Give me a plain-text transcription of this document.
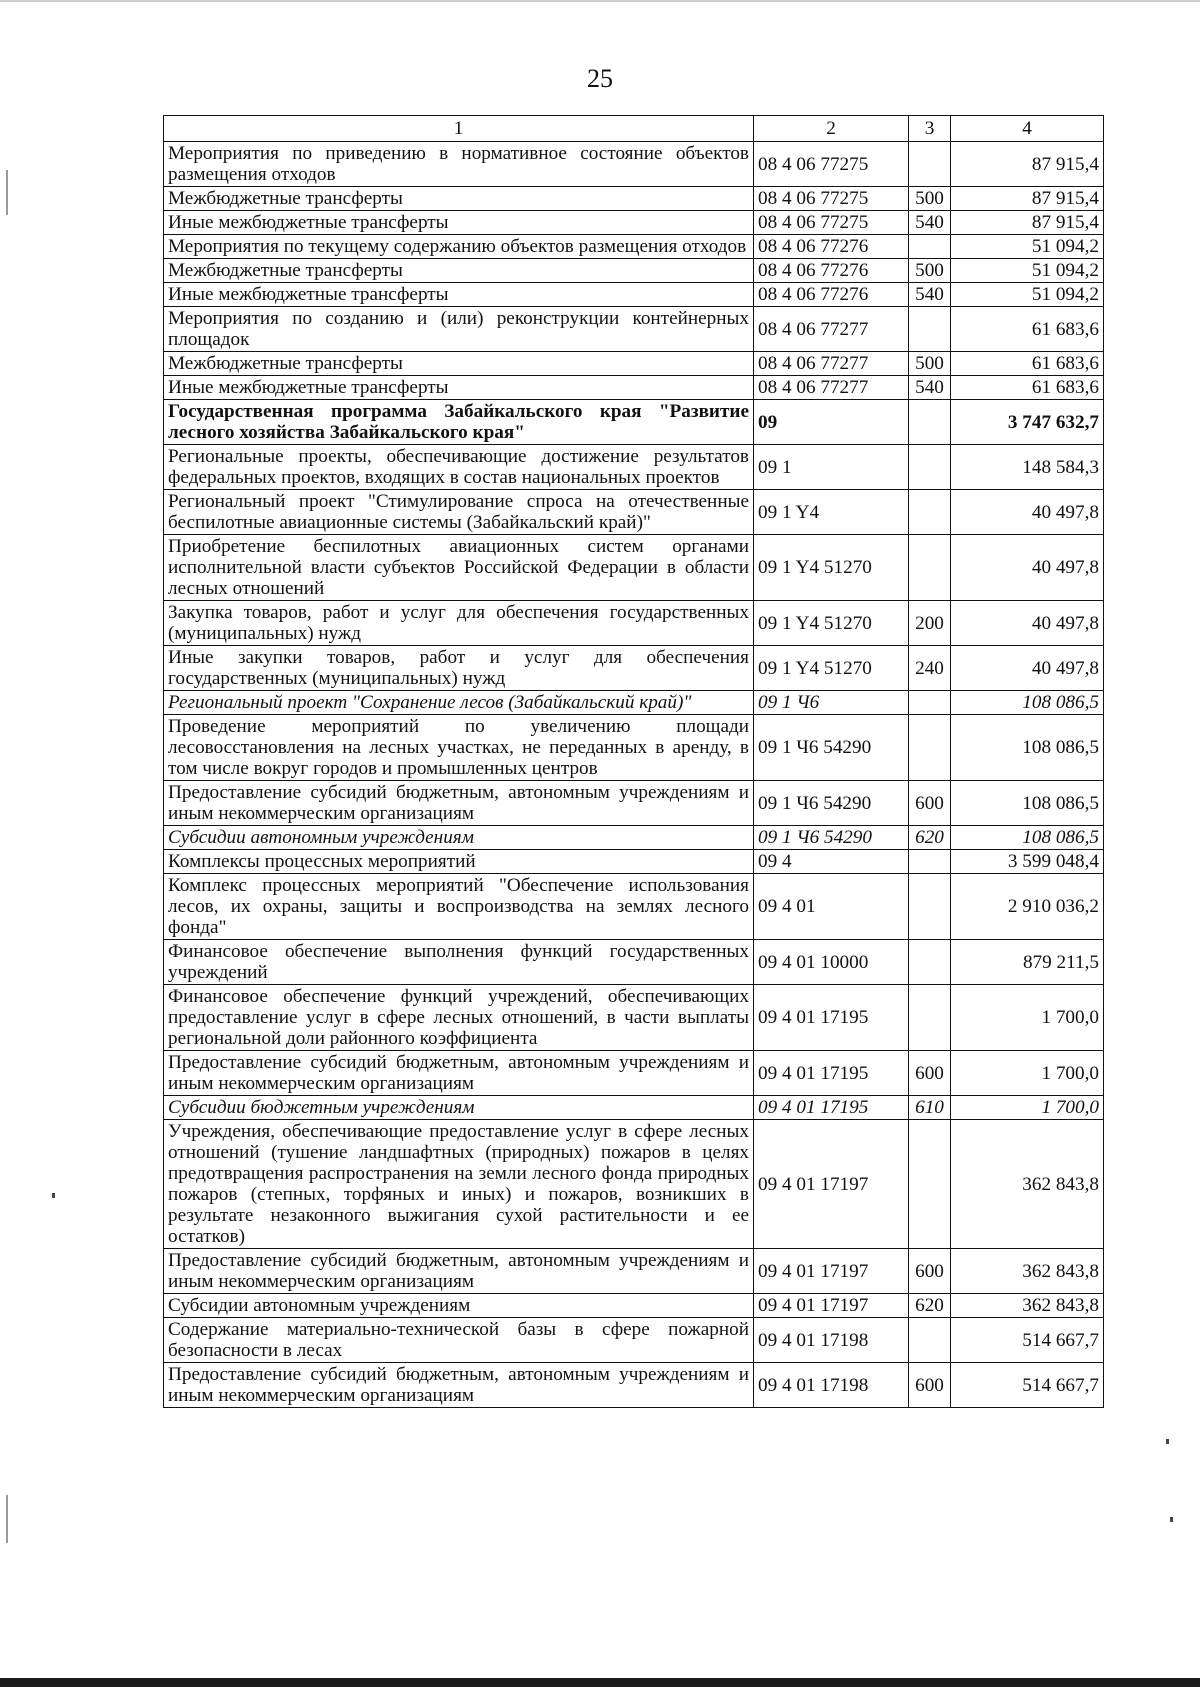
25
1	2	3	4
Мероприятия по приведению в нормативное состояние объектов размещения отходов	08 4 06 77275		87 915,4
Межбюджетные трансферты	08 4 06 77275	500	87 915,4
Иные межбюджетные трансферты	08 4 06 77275	540	87 915,4
Мероприятия по текущему содержанию объектов размещения отходов	08 4 06 77276		51 094,2
Межбюджетные трансферты	08 4 06 77276	500	51 094,2
Иные межбюджетные трансферты	08 4 06 77276	540	51 094,2
Мероприятия по созданию и (или) реконструкции контейнерных площадок	08 4 06 77277		61 683,6
Межбюджетные трансферты	08 4 06 77277	500	61 683,6
Иные межбюджетные трансферты	08 4 06 77277	540	61 683,6
Государственная программа Забайкальского края "Развитие лесного хозяйства Забайкальского края"	09		3 747 632,7
Региональные проекты, обеспечивающие достижение результатов федеральных проектов, входящих в состав национальных проектов	09 1		148 584,3
Региональный проект "Стимулирование спроса на отечественные беспилотные авиационные системы (Забайкальский край)"	09 1 Y4		40 497,8
Приобретение беспилотных авиационных систем органами исполнительной власти субъектов Российской Федерации в области лесных отношений	09 1 Y4 51270		40 497,8
Закупка товаров, работ и услуг для обеспечения государственных (муниципальных) нужд	09 1 Y4 51270	200	40 497,8
Иные закупки товаров, работ и услуг для обеспечения государственных (муниципальных) нужд	09 1 Y4 51270	240	40 497,8
Региональный проект "Сохранение лесов (Забайкальский край)"	09 1 Ч6		108 086,5
Проведение мероприятий по увеличению площади лесовосстановления на лесных участках, не переданных в аренду, в том числе вокруг городов и промышленных центров	09 1 Ч6 54290		108 086,5
Предоставление субсидий бюджетным, автономным учреждениям и иным некоммерческим организациям	09 1 Ч6 54290	600	108 086,5
Субсидии автономным учреждениям	09 1 Ч6 54290	620	108 086,5
Комплексы процессных мероприятий	09 4		3 599 048,4
Комплекс процессных мероприятий "Обеспечение использования лесов, их охраны, защиты и воспроизводства на землях лесного фонда"	09 4 01		2 910 036,2
Финансовое обеспечение выполнения функций государственных учреждений	09 4 01 10000		879 211,5
Финансовое обеспечение функций учреждений, обеспечивающих предоставление услуг в сфере лесных отношений, в части выплаты региональной доли районного коэффициента	09 4 01 17195		1 700,0
Предоставление субсидий бюджетным, автономным учреждениям и иным некоммерческим организациям	09 4 01 17195	600	1 700,0
Субсидии бюджетным учреждениям	09 4 01 17195	610	1 700,0
Учреждения, обеспечивающие предоставление услуг в сфере лесных отношений (тушение ландшафтных (природных) пожаров в целях предотвращения распространения на земли лесного фонда природных пожаров (степных, торфяных и иных) и пожаров, возникших в результате незаконного выжигания сухой растительности и ее остатков)	09 4 01 17197		362 843,8
Предоставление субсидий бюджетным, автономным учреждениям и иным некоммерческим организациям	09 4 01 17197	600	362 843,8
Субсидии автономным учреждениям	09 4 01 17197	620	362 843,8
Содержание материально-технической базы в сфере пожарной безопасности в лесах	09 4 01 17198		514 667,7
Предоставление субсидий бюджетным, автономным учреждениям и иным некоммерческим организациям	09 4 01 17198	600	514 667,7
